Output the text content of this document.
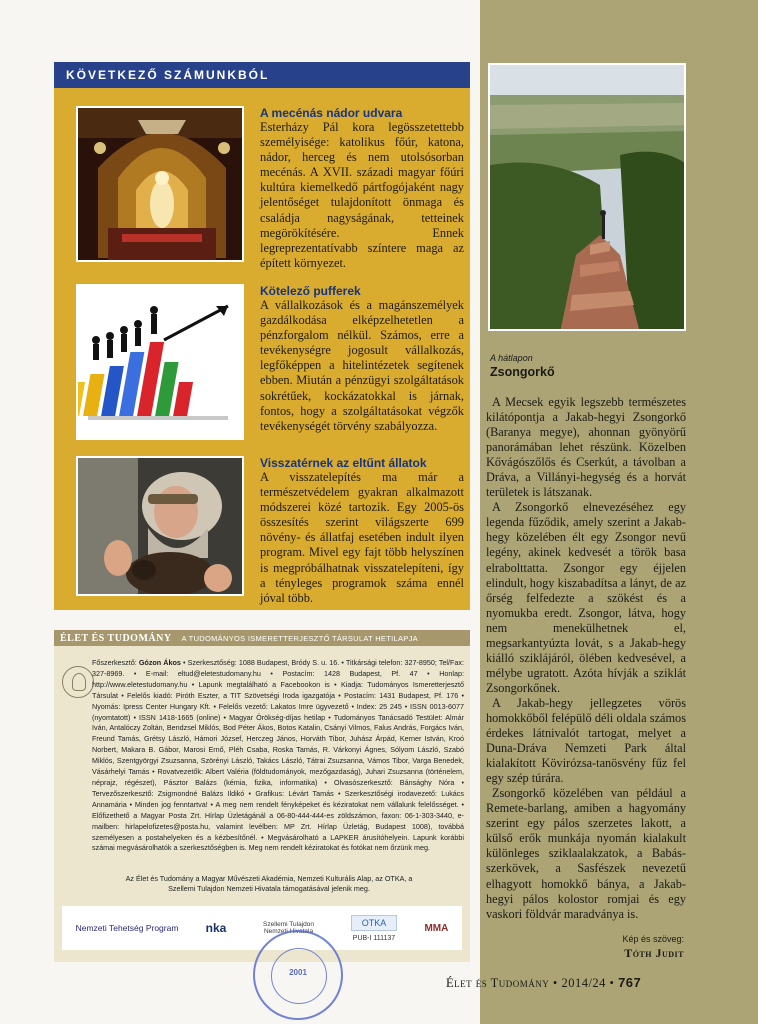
KÖVETKEZŐ SZÁMUNKBÓL
A mecénás nádor udvara
Esterházy Pál kora legösszetettebb személyisége: katolikus főúr, katona, nádor, herceg és nem utolsósorban mecénás. A XVII. századi magyar főúri kultúra kiemelkedő pártfogójaként nagy jelentőséget tulajdonított önmaga és családja nagyságának, tetteinek megörökítésére. Ennek legreprezentatívabb színtere maga az épített környezet.
Kötelező pufferek
A vállalkozások és a magánszemélyek gazdálkodása elképzelhetetlen a pénzforgalom nélkül. Számos, erre a tevékenységre jogosult vállalkozás, legfőképpen a hitelintézetek segítenek ebben. Miután a pénzügyi szolgáltatások sokrétűek, kockázatokkal is járnak, fontos, hogy a szolgáltatásokat végzők tevékenységét törvény szabályozza.
Visszatérnek az eltűnt állatok
A visszatelepítés ma már a természetvédelem gyakran alkalmazott módszerei közé tartozik. Egy 2005-ös összesítés szerint világszerte 699 növény- és állatfaj esetében indult ilyen program. Mivel egy fajt több helyszínen is megpróbálhatnak visszatelepíteni, így a tényleges programok száma ennél jóval több.
ÉLET ÉS TUDOMÁNY A TUDOMÁNYOS ISMERETTERJESZTŐ TÁRSULAT HETILAPJA
Főszerkesztő: Gózon Ákos • Szerkesztőség: 1088 Budapest, Bródy S. u. 16. • Titkársági telefon: 327-8950; Tel/Fax: 327-8969. • E-mail: eltud@eletestudomany.hu • Postacím: 1428 Budapest, Pf. 47 • Honlap: http://www.eletestudomany.hu • Lapunk megtalálható a Facebookon is • Kiadja: Tudományos Ismeretterjesztő Társulat • Felelős kiadó: Piróth Eszter, a TIT Szövetségi Iroda igazgatója • Postacím: 1431 Budapest, Pf. 176 • Nyomás: Ipress Center Hungary Kft. • Felelős vezető: Lakatos Imre ügyvezető • Index: 25 245 • ISSN 0013-6077 (nyomtatott) • ISSN 1418-1665 (online) • Magyar Örökség-díjas hetilap • Tudományos Tanácsadó Testület: Almár Iván, Antalóczy Zoltán, Bendzsel Miklós, Bod Péter Ákos, Botos Katalin, Csányi Vilmos, Falus András, Forgács Iván, Freund Tamás, Grétsy László, Hámori József, Herczeg János, Horváth Tibor, Juhász Árpád, Kerner István, Kroó Norbert, Makara B. Gábor, Marosi Ernő, Pléh Csaba, Roska Tamás, R. Várkonyi Ágnes, Sólyom László, Szabó Miklós, Szentgyörgyi Zsuzsanna, Szörényi László, Takács László, Tátrai Zsuzsanna, Vámos Tibor, Varga Benedek, Vásárhelyi Tamás • Rovatvezetők: Albert Valéria (földtudományok, mezőgazdaság), Juhari Zsuzsanna (történelem, néprajz, régészet), Pásztor Balázs (kémia, fizika, informatika) • Olvasószerkesztő: Bánsághy Nóra • Tervezőszerkesztő: Zsigmondné Balázs Ildikó • Grafikus: Lévárt Tamás • Szerkesztőségi irodavezető: Lukács Annamária • Minden jog fenntartva! • A meg nem rendelt fényképeket és kéziratokat nem vállalunk felelősséget. • Előfizethető a Magyar Posta Zrt. Hírlap Üzletágánál a 06-80-444-444-es zöldszámon, faxon: 06-1-303-3440, e-mailben: hirlapelofizetes@posta.hu, valamint levélben: MP Zrt. Hírlap Üzletág, Budapest 1008), továbbá személyesen a postahelyeken és a kézbesítőnél. • Megvásárolható a LAPKER árusítóhelyein. Lapunk korábbi számai megvásárolhatók a szerkesztőségben is. Meg nem rendelt kéziratokat és fotókat nem őrzünk meg.
Az Élet és Tudomány a Magyar Művészeti Akadémia, Nemzeti Kulturális Alap, az OTKA, a Szellemi Tulajdon Nemzeti Hivatala támogatásával jelenik meg.
Nemzeti Tehetség Program nka	Szellemi Tulajdon Nemzeti Hivatala
OTKA
PUB-I 111137
MMA
2001
A hátlapon
Zsongorkő

A Mecsek egyik legszebb természetes kilátópontja a Jakab-hegyi Zsongorkő (Baranya megye), ahonnan gyönyörű panorámában lehet részünk. Közelben Kővágószőlős és Cserkút, a távolban a Dráva, a Villányi-hegység és a horvát területek is látszanak.

A Zsongorkő elnevezéséhez egy legenda fűződik, amely szerint a Jakab-hegy közelében élt egy Zsongor nevű legény, akinek kedvesét a török basa elrabolttatta. Zsongor egy éjjelen elindult, hogy kiszabadítsa a lányt, de az őrség felfedezte a szökést és a nyomukba eredt. Zsongor, látva, hogy nem menekülhetnek el, megsarkantyúzta lovát, s a Jakab-hegy kiálló sziklájáról, ölében kedvesével, a mélybe ugratott. Azóta hívják a sziklát Zsongorkőnek.

A Jakab-hegy jellegzetes vörös homokkőből felépülő déli oldala számos érdekes látnivalót tartogat, melyet a Duna-Dráva Nemzeti Park által kialakított Kövirózsa-tanösvény fűz fel egy szép túrára.

Zsongorkő közelében van például a Remete-barlang, amiben a hagyomány szerint egy pálos szerzetes lakott, a külső erők munkája nyomán kialakult különleges sziklaalakzatok, a Babás-szerkövek, a Sasfészek nevezetű elhagyott homokkő bánya, a Jakab-hegyi pálos kolostor romjai és egy vaskori földvár maradványa is.

Kép és szöveg:
Tóth Judit
Élet és Tudomány • 2014/24 • 767
